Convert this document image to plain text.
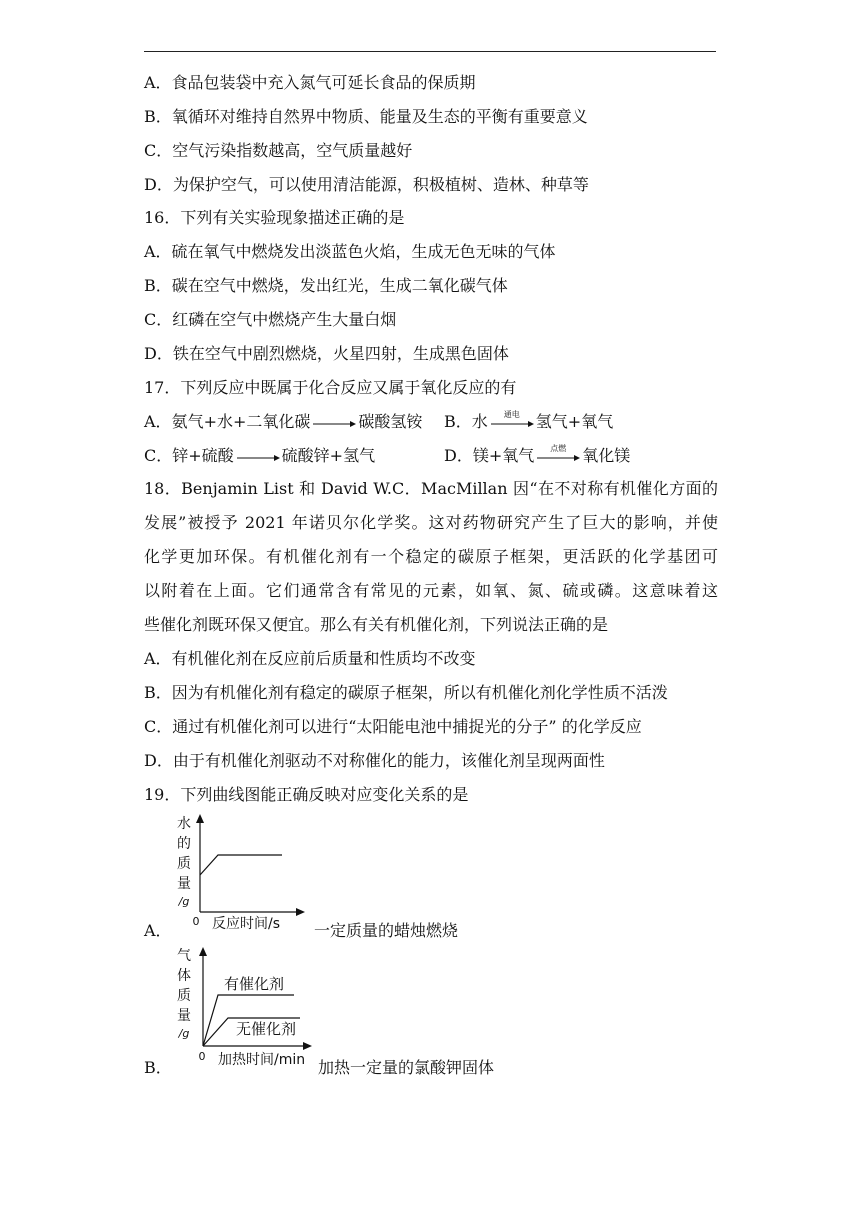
A．食品包装袋中充入氮气可延长食品的保质期
B．氧循环对维持自然界中物质、能量及生态的平衡有重要意义
C．空气污染指数越高，空气质量越好
D．为保护空气，可以使用清洁能源，积极植树、造林、种草等
16．下列有关实验现象描述正确的是
A．硫在氧气中燃烧发出淡蓝色火焰，生成无色无味的气体
B．碳在空气中燃烧，发出红光，生成二氧化碳气体
C．红磷在空气中燃烧产生大量白烟
D．铁在空气中剧烈燃烧，火星四射，生成黑色固体
17．下列反应中既属于化合反应又属于氧化反应的有
A．氨气+水+二氧化碳 → 碳酸氢铵 B．水	通电	氢气+氧气
C．锌+硫酸 → 硫酸锌+氢气	D．镁+氧气	点燃	氧化镁
18．Benjamin List 和 David W.C．MacMillan 因“在不对称有机催化方面的
发展”被授予 2021 年诺贝尔化学奖。这对药物研究产生了巨大的影响，并使
化学更加环保。有机催化剂有一个稳定的碳原子框架，更活跃的化学基团可
以附着在上面。它们通常含有常见的元素，如氧、氮、硫或磷。这意味着这
些催化剂既环保又便宜。那么有关有机催化剂，下列说法正确的是
A．有机催化剂在反应前后质量和性质均不改变
B．因为有机催化剂有稳定的碳原子框架，所以有机催化剂化学性质不活泼
C．通过有机催化剂可以进行“太阳能电池中捕捉光的分子” 的化学反应
D．由于有机催化剂驱动不对称催化的能力，该催化剂呈现两面性
19．下列曲线图能正确反映对应变化关系的是
A．
水
的
质
量
/g
0 反应时间/s 一定质量的蜡烛燃烧
B．
气
体
质
量
/g
有催化剂
无催化剂
0 加热时间/min 加热一定量的氯酸钾固体
